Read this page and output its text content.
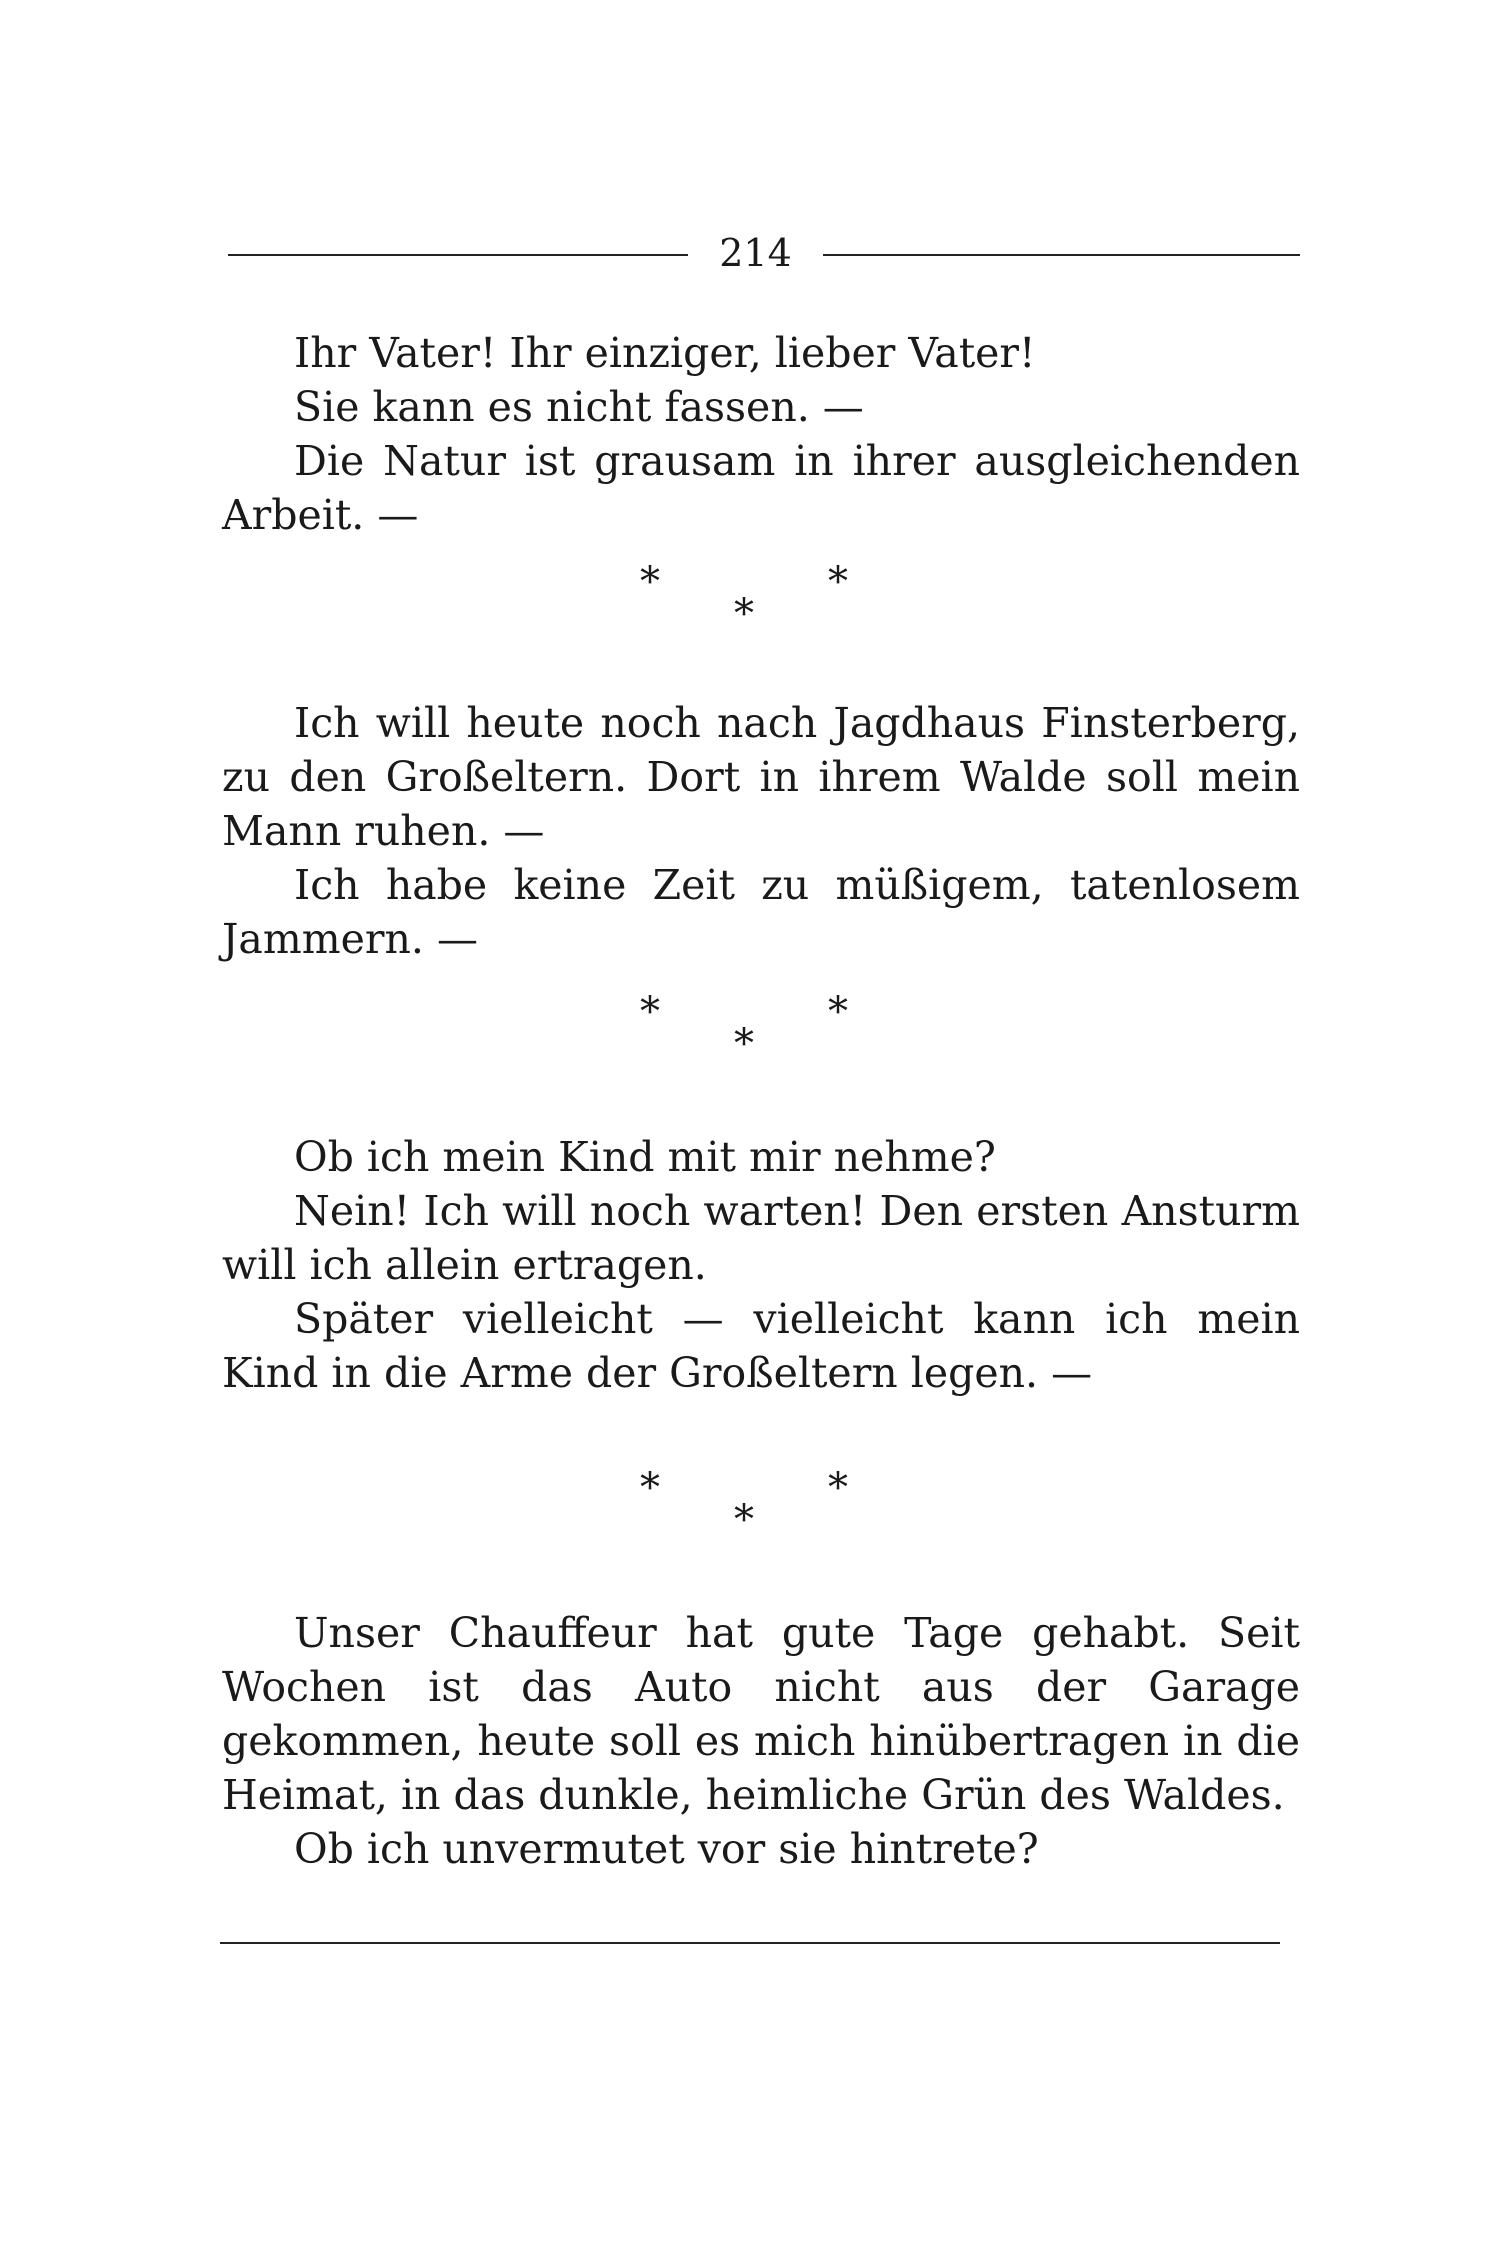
214

Ihr Vater! Ihr einziger, lieber Vater!

Sie kann es nicht fassen. —

Die Natur ist grausam in ihrer ausgleichenden Arbeit. —

*	*
*

Ich will heute noch nach Jagdhaus Finsterberg, zu den Großeltern. Dort in ihrem Walde soll mein Mann ruhen. —

Ich habe keine Zeit zu müßigem, tatenlosem Jammern. —

*	*
*

Ob ich mein Kind mit mir nehme?

Nein! Ich will noch warten! Den ersten Ansturm will ich allein ertragen.

Später vielleicht — vielleicht kann ich mein Kind in die Arme der Großeltern legen. —

*	*
*

Unser Chauffeur hat gute Tage gehabt. Seit Wochen ist das Auto nicht aus der Garage gekommen, heute soll es mich hinübertragen in die Heimat, in das dunkle, heimliche Grün des Waldes.

Ob ich unvermutet vor sie hintrete?
